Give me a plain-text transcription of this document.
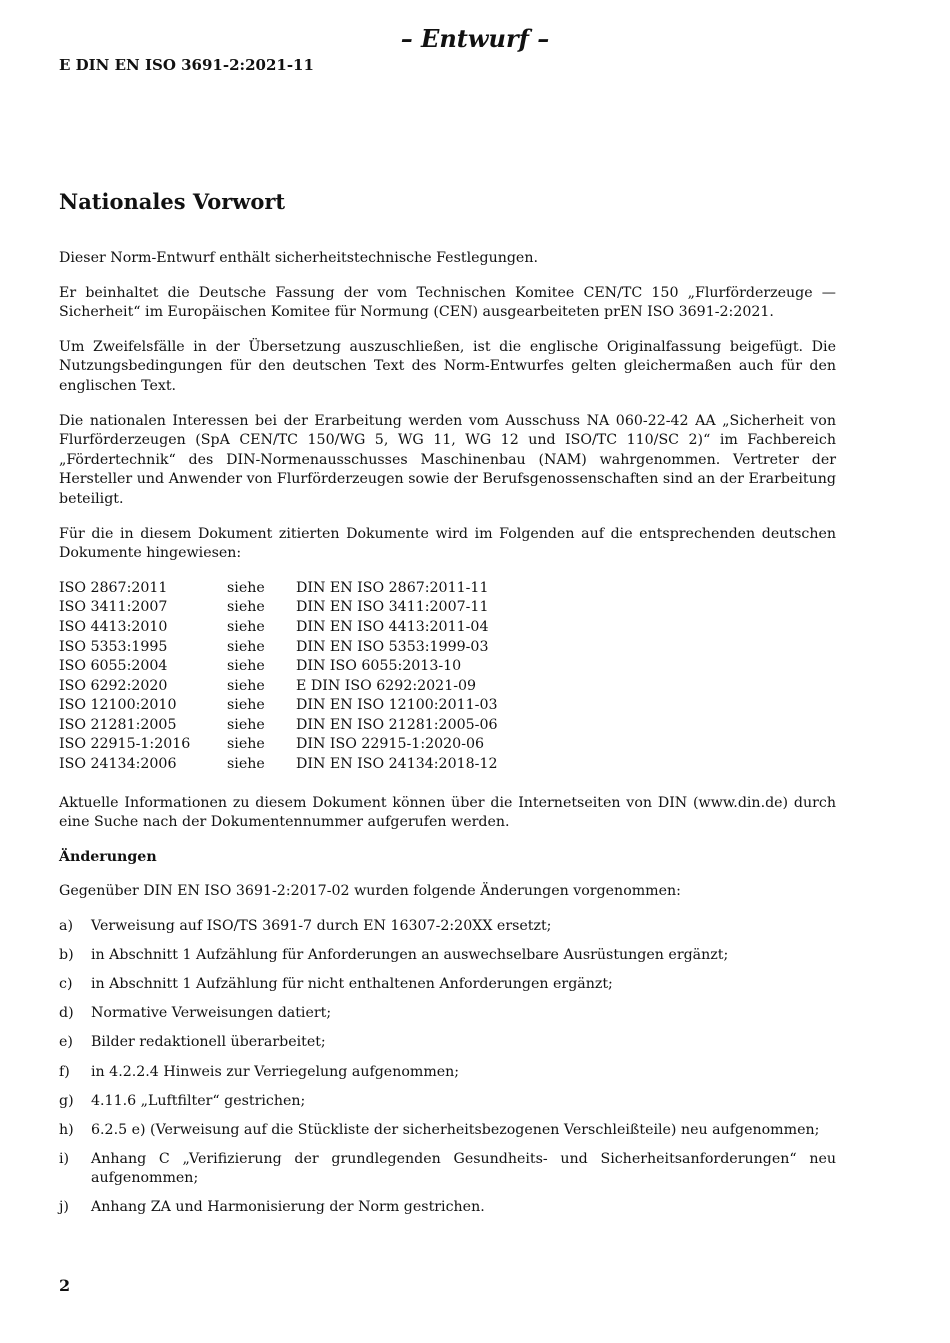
– Entwurf –
E DIN EN ISO 3691-2:2021-11
Nationales Vorwort

Dieser Norm-Entwurf enthält sicherheitstechnische Festlegungen.

Er beinhaltet die Deutsche Fassung der vom Technischen Komitee CEN/TC 150 „Flurförderzeuge — Sicherheit“ im Europäischen Komitee für Normung (CEN) ausgearbeiteten prEN ISO 3691-2:2021.

Um Zweifelsfälle in der Übersetzung auszuschließen, ist die englische Originalfassung beigefügt. Die Nutzungsbedingungen für den deutschen Text des Norm-Entwurfes gelten gleichermaßen auch für den englischen Text.

Die nationalen Interessen bei der Erarbeitung werden vom Ausschuss NA 060-22-42 AA „Sicherheit von Flurförderzeugen (SpA CEN/TC 150/WG 5, WG 11, WG 12 und ISO/TC 110/SC 2)“ im Fachbereich „Fördertechnik“ des DIN-Normenausschusses Maschinenbau (NAM) wahrgenommen. Vertreter der Hersteller und Anwender von Flurförderzeugen sowie der Berufsgenossenschaften sind an der Erarbeitung beteiligt.

Für die in diesem Dokument zitierten Dokumente wird im Folgenden auf die entsprechenden deutschen Dokumente hingewiesen:

ISO 2867:2011	siehe	DIN EN ISO 2867:2011-11
ISO 3411:2007	siehe	DIN EN ISO 3411:2007-11
ISO 4413:2010	siehe	DIN EN ISO 4413:2011-04
ISO 5353:1995	siehe	DIN EN ISO 5353:1999-03
ISO 6055:2004	siehe	DIN ISO 6055:2013-10
ISO 6292:2020	siehe	E DIN ISO 6292:2021-09
ISO 12100:2010	siehe	DIN EN ISO 12100:2011-03
ISO 21281:2005	siehe	DIN EN ISO 21281:2005-06
ISO 22915-1:2016	siehe	DIN ISO 22915-1:2020-06
ISO 24134:2006	siehe	DIN EN ISO 24134:2018-12

Aktuelle Informationen zu diesem Dokument können über die Internetseiten von DIN (www.din.de) durch eine Suche nach der Dokumentennummer aufgerufen werden.

Änderungen

Gegenüber DIN EN ISO 3691-2:2017-02 wurden folgende Änderungen vorgenommen:

a)	Verweisung auf ISO/TS 3691-7 durch EN 16307-2:20XX ersetzt;
b)	in Abschnitt 1 Aufzählung für Anforderungen an auswechselbare Ausrüstungen ergänzt;
c)	in Abschnitt 1 Aufzählung für nicht enthaltenen Anforderungen ergänzt;
d)	Normative Verweisungen datiert;
e)	Bilder redaktionell überarbeitet;
f)	in 4.2.2.4 Hinweis zur Verriegelung aufgenommen;
g)	4.11.6 „Luftfilter“ gestrichen;
h)	6.2.5 e) (Verweisung auf die Stückliste der sicherheitsbezogenen Verschleißteile) neu aufgenommen;
i)	Anhang C „Verifizierung der grundlegenden Gesundheits- und Sicherheitsanforderungen“ neu aufgenommen;
j)	Anhang ZA und Harmonisierung der Norm gestrichen.
2
